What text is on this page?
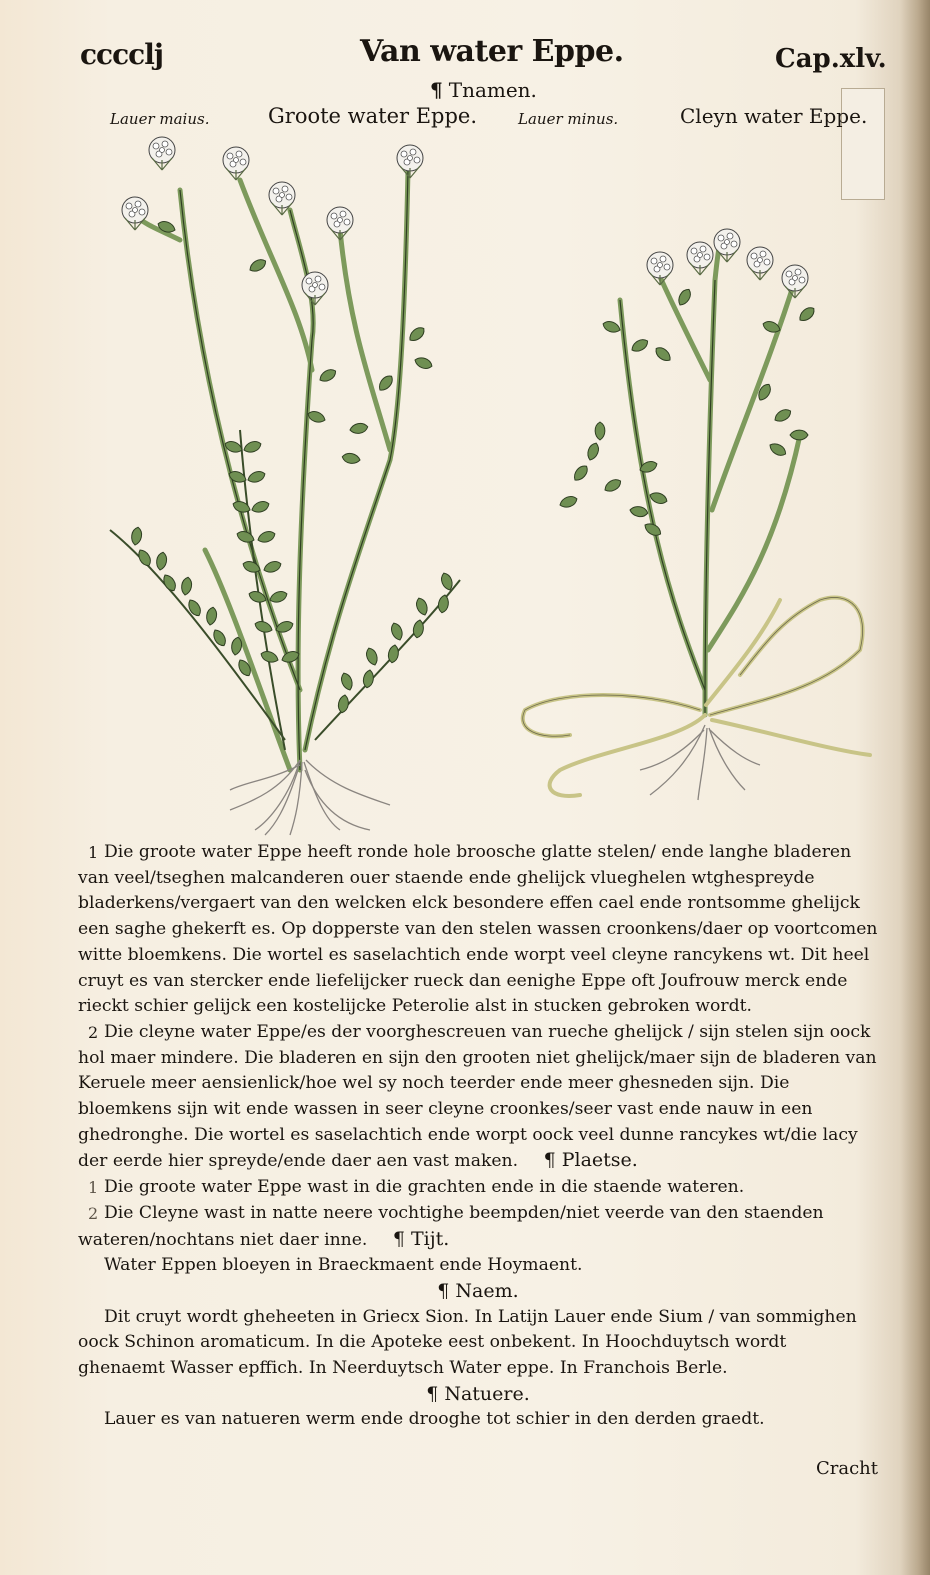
cccclj	Van water Eppe.	Cap.xlv.
¶ Tnamen.
Lauer maius.	Groote water Eppe.	Lauer minus.	Cleyn water Eppe.

1 Die groote water Eppe heeft ronde hole broosche glatte stelen/ ende langhe bladeren van veel/tseghen malcanderen ouer staende ende ghelijck vlueghelen wtghespreyde bladerkens/vergaert van den welcken elck besondere effen cael ende rontsomme ghelijck een saghe ghekerft es. Op dopperste van den stelen wassen croonkens/daer op voortcomen witte bloemkens. Die wortel es saselachtich ende worpt veel cleyne rancykens wt. Dit heel cruyt es van stercker ende liefelijcker rueck dan eenighe Eppe oft Joufrouw merck ende rieckt schier gelijck een kostelijcke Peterolie alst in stucken gebroken wordt.

2 Die cleyne water Eppe/es der voorghescreuen van rueche ghelijck / sijn stelen sijn oock hol maer mindere. Die bladeren en sijn den grooten niet ghelijck/maer sijn de bladeren van Keruele meer aensienlick/hoe wel sy noch teerder ende meer ghesneden sijn. Die bloemkens sijn wit ende wassen in seer cleyne croonkes/seer vast ende nauw in een ghedronghe. Die wortel es saselachtich ende worpt oock veel dunne rancykes wt/die lacy der eerde hier spreyde/ende daer aen vast maken. ¶ Plaetse.

1 Die groote water Eppe wast in die grachten ende in die staende wateren.

2 Die Cleyne wast in natte neere vochtighe beempden/niet veerde van den staenden wateren/nochtans niet daer inne. ¶ Tijt.

Water Eppen bloeyen in Braeckmaent ende Hoymaent.

¶ Naem.

Dit cruyt wordt gheheeten in Griecx Sion. In Latijn Lauer ende Sium / van sommighen oock Schinon aromaticum. In die Apoteke eest onbekent. In Hoochduytsch wordt ghenaemt Wasser epffich. In Neerduytsch Water eppe. In Franchois Berle.

¶ Natuere.

Lauer es van natueren werm ende drooghe tot schier in den derden graedt.

Cracht
